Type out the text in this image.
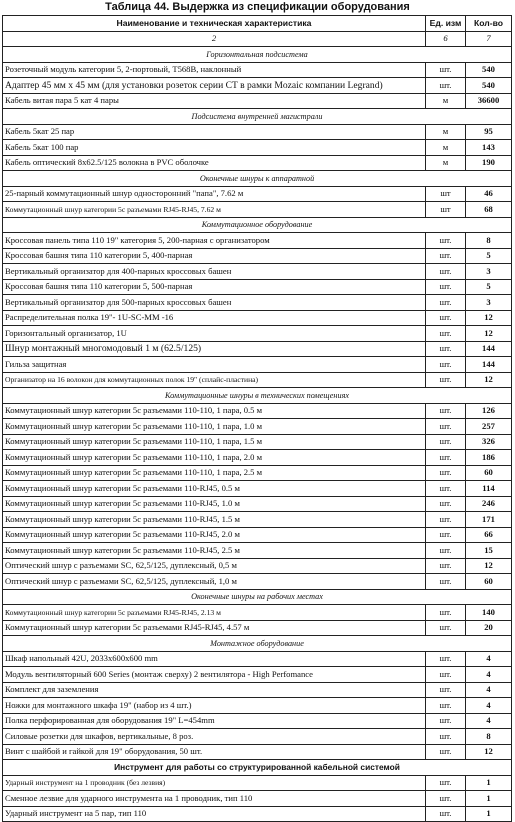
Таблица 44. Выдержка из спецификации оборудования
Наименование и техническая характеристика	Ед. изм	Кол-во
2	6	7
Горизонтальная подсистема		
Розеточный модуль категории 5, 2-портовый, T568B, наклонный	шт.	540
Адаптер 45 мм х 45 мм (для установки розеток серии CT в рамки Mozaic компании Legrand)	шт.	540
Кабель витая пара 5 кат 4 пары	м	36600
Подсистема внутренней магистрали		
Кабель 5кат 25 пар	м	95
Кабель 5кат 100 пар	м	143
Кабель оптический 8x62.5/125 волокна в PVC оболочке	м	190
Оконечные шнуры к аппаратной		
25-парный коммутационный шнур односторонний "папа", 7.62 м	шт	46
Коммутационный шнур категории 5с разъемами RJ45-RJ45, 7.62 м	шт	68
Коммутационное оборудование		
Кроссовая панель типа 110 19" категория 5, 200-парная с организатором	шт.	8
Кроссовая башня типа 110 категории 5, 400-парная	шт.	5
Вертикальный организатор для 400-парных кроссовых башен	шт.	3
Кроссовая башня типа 110 категории 5, 500-парная	шт.	5
Вертикальный организатор для 500-парных кроссовых башен	шт.	3
Распределительная полка 19"- 1U-SC-MM -16	шт.	12
Горизонтальный организатор, 1U	шт.	12
Шнур монтажный многомодовый 1 м (62.5/125)	шт.	144
Гильза защитная	шт.	144
Организатор на 16 волокон для коммутационных полок 19" (сплайс-пластина)	шт.	12
Коммутационные шнуры в технических помещениях		
Коммутационный шнур категории 5с разъемами 110-110, 1 пара, 0.5 м	шт.	126
Коммутационный шнур категории 5с разъемами 110-110, 1 пара, 1.0 м	шт.	257
Коммутационный шнур категории 5с разъемами 110-110, 1 пара, 1.5 м	шт.	326
Коммутационный шнур категории 5с разъемами 110-110, 1 пара, 2.0 м	шт.	186
Коммутационный шнур категории 5с разъемами 110-110, 1 пара, 2.5 м	шт.	60
Коммутационный шнур категории 5с разъемами 110-RJ45, 0.5 м	шт.	114
Коммутационный шнур категории 5с разъемами 110-RJ45, 1.0 м	шт.	246
Коммутационный шнур категории 5с разъемами 110-RJ45, 1.5 м	шт.	171
Коммутационный шнур категории 5с разъемами 110-RJ45, 2.0 м	шт.	66
Коммутационный шнур категории 5с разъемами 110-RJ45, 2.5 м	шт.	15
Оптический шнур с разъемами SC, 62,5/125, дуплексный, 0,5 м	шт.	12
Оптический шнур с разъемами SC, 62,5/125, дуплексный, 1,0 м	шт.	60
Оконечные шнуры на рабочих местах		
Коммутационный шнур категории 5с разъемами RJ45-RJ45, 2.13 м	шт.	140
Коммутационный шнур категории 5с разъемами RJ45-RJ45, 4.57 м	шт.	20
Монтажное оборудование		
Шкаф напольный 42U, 2033x600x600 mm	шт.	4
Модуль вентиляторный 600 Series (монтаж сверху) 2 вентилятора - High Perfomance	шт.	4
Комплект для заземления	шт.	4
Ножки для монтажного шкафа 19" (набор из 4 шт.)	шт.	4
Полка перфорированная для оборудования 19" L=454mm	шт.	4
Силовые розетки для шкафов, вертикальные, 8 роз.	шт.	8
Винт с шайбой и гайкой для 19" оборудования, 50 шт.	шт.	12
Инструмент для работы со структурированной кабельной системой		
Ударный инструмент на 1 проводник (без лезвия)	шт.	1
Сменное лезвие для ударного инструмента на 1 проводник, тип 110	шт.	1
Ударный инструмент на 5 пар, тип 110	шт.	1
